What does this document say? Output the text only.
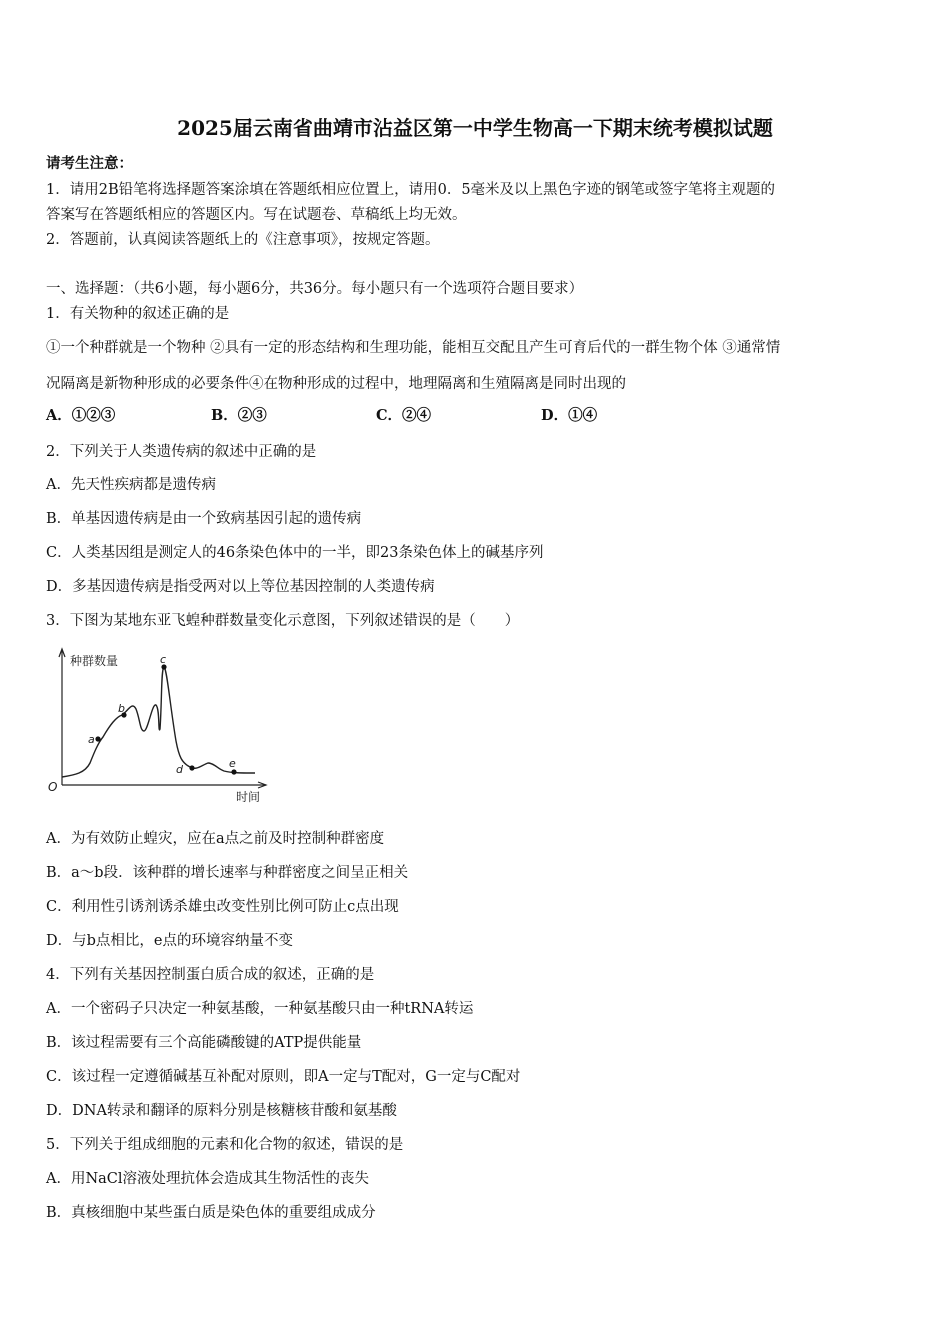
2025届云南省曲靖市沾益区第一中学生物高一下期末统考模拟试题
请考生注意：
1．请用2B铅笔将选择题答案涂填在答题纸相应位置上，请用0．5毫米及以上黑色字迹的钢笔或签字笔将主观题的
答案写在答题纸相应的答题区内。写在试题卷、草稿纸上均无效。
2．答题前，认真阅读答题纸上的《注意事项》，按规定答题。
一、选择题：（共6小题，每小题6分，共36分。每小题只有一个选项符合题目要求）
1．有关物种的叙述正确的是
①一个种群就是一个物种 ②具有一定的形态结构和生理功能，能相互交配且产生可育后代的一群生物个体 ③通常情
况隔离是新物种形成的必要条件④在物种形成的过程中，地理隔离和生殖隔离是同时出现的
A．①②③	B．②③	C．②④	D．①④
2．下列关于人类遗传病的叙述中正确的是
A．先天性疾病都是遗传病
B．单基因遗传病是由一个致病基因引起的遗传病
C．人类基因组是测定人的46条染色体中的一半，即23条染色体上的碱基序列
D．多基因遗传病是指受两对以上等位基因控制的人类遗传病
3．下图为某地东亚飞蝗种群数量变化示意图，下列叙述错误的是（　　）
种群数量
时间
O
a
b
c
d	e
A．为有效防止蝗灾，应在a点之前及时控制种群密度
B．a～b段．该种群的增长速率与种群密度之间呈正相关
C．利用性引诱剂诱杀雄虫改变性别比例可防止c点出现
D．与b点相比，e点的环境容纳量不变
4．下列有关基因控制蛋白质合成的叙述，正确的是
A．一个密码子只决定一种氨基酸，一种氨基酸只由一种tRNA转运
B．该过程需要有三个高能磷酸键的ATP提供能量
C．该过程一定遵循碱基互补配对原则，即A一定与T配对，G一定与C配对
D．DNA转录和翻译的原料分别是核糖核苷酸和氨基酸
5．下列关于组成细胞的元素和化合物的叙述，错误的是
A．用NaCl溶液处理抗体会造成其生物活性的丧失
B．真核细胞中某些蛋白质是染色体的重要组成成分
